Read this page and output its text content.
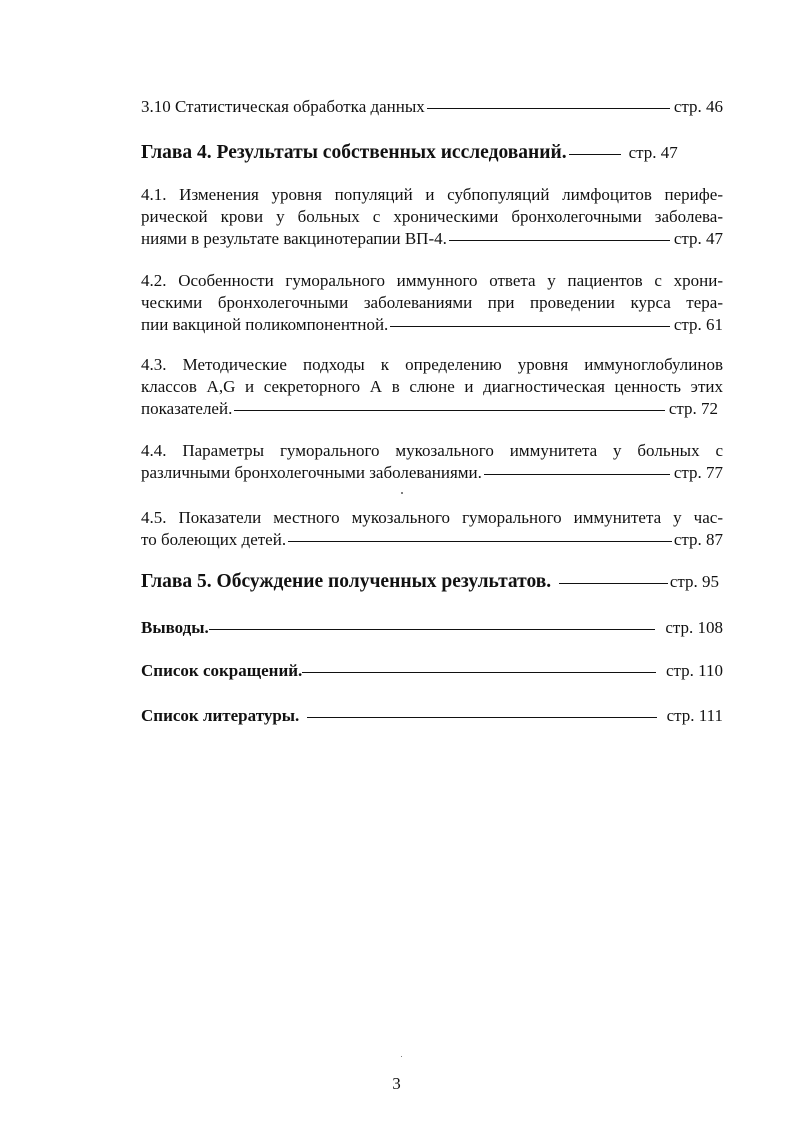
3.10 Статистическая обработка данных	стр. 46
Глава 4. Результаты собственных исследований.	стр. 47
4.1. Изменения уровня популяций и субпопуляций лимфоцитов перифе-
рической крови у больных с хроническими бронхолегочными заболева-
ниями в результате вакцинотерапии ВП-4.	стр. 47
4.2. Особенности гуморального иммунного ответа у пациентов с хрони-
ческими бронхолегочными заболеваниями при проведении курса тера-
пии вакциной поликомпонентной.	стр. 61
4.3. Методические подходы к определению уровня иммуноглобулинов
классов A,G и секреторного А в слюне и диагностическая ценность этих
показателей.	стр. 72
4.4. Параметры гуморального мукозального иммунитета у больных с
различными бронхолегочными заболеваниями.	стр. 77
4.5. Показатели местного мукозального гуморального иммунитета у час-
то болеющих детей.	стр. 87
Глава 5. Обсуждение полученных результатов.	стр. 95
Выводы.	стр. 108
Список сокращений.	стр. 110
Список литературы.	стр. 111
3
